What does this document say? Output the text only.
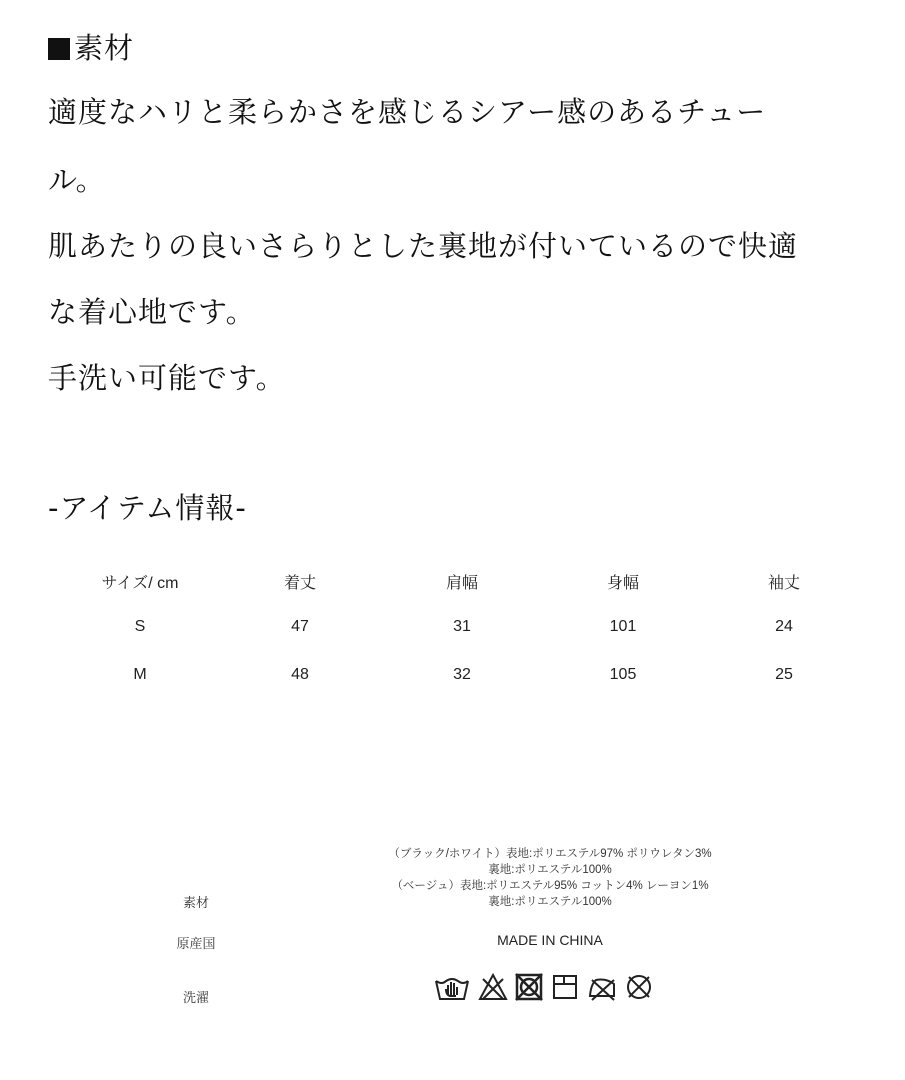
素材
適度なハリと柔らかさを感じるシアー感のあるチュー
ル。
肌あたりの良いさらりとした裏地が付いているので快適
な着心地です。
手洗い可能です。
-アイテム情報-
サイズ/ cm	着丈	肩幅	身幅	袖丈
S	47	31	101	24
M	48	32	105	25
素材
（ブラック/ホワイト）表地:ポリエステル97% ポリウレタン3%
裏地:ポリエステル100%
（ベージュ）表地:ポリエステル95% コットン4% レーヨン1%
裏地:ポリエステル100%
原産国	MADE IN CHINA
洗濯
